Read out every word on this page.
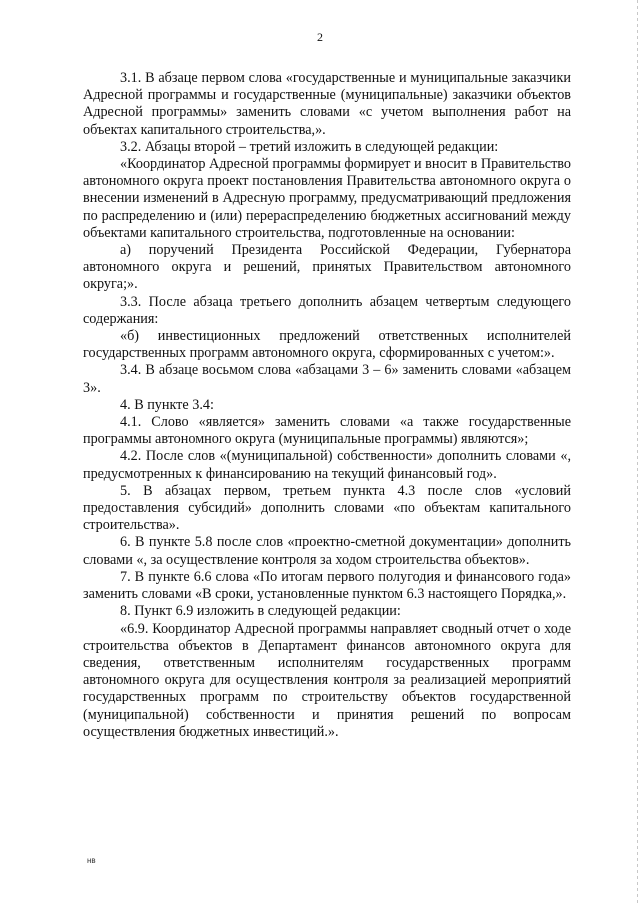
2

3.1. В абзаце первом слова «государственные и муниципальные заказчики Адресной программы и государственные (муниципальные) заказчики объектов Адресной программы» заменить словами «с учетом выполнения работ на объектах капитального строительства,».

3.2. Абзацы второй – третий изложить в следующей редакции:

«Координатор Адресной программы формирует и вносит в Правительство автономного округа проект постановления Правительства автономного округа о внесении изменений в Адресную программу, предусматривающий предложения по распределению и (или) перераспределению бюджетных ассигнований между объектами капитального строительства, подготовленные на основании:

а) поручений Президента Российской Федерации, Губернатора автономного округа и решений, принятых Правительством автономного округа;».

3.3. После абзаца третьего дополнить абзацем четвертым следующего содержания:

«б) инвестиционных предложений ответственных исполнителей государственных программ автономного округа, сформированных с учетом:».

3.4. В абзаце восьмом слова «абзацами 3 – 6» заменить словами «абзацем 3».

4. В пункте 3.4:

4.1. Слово «является» заменить словами «а также государственные программы автономного округа (муниципальные программы) являются»;

4.2. После слов «(муниципальной) собственности» дополнить словами «, предусмотренных к финансированию на текущий финансовый год».

5. В абзацах первом, третьем пункта 4.3 после слов «условий предоставления субсидий» дополнить словами «по объектам капитального строительства».

6. В пункте 5.8 после слов «проектно-сметной документации» дополнить словами «, за осуществление контроля за ходом строительства объектов».

7. В пункте 6.6 слова «По итогам первого полугодия и финансового года» заменить словами «В сроки, установленные пунктом 6.3 настоящего Порядка,».

8. Пункт 6.9 изложить в следующей редакции:

«6.9. Координатор Адресной программы направляет сводный отчет о ходе строительства объектов в Департамент финансов автономного округа для сведения, ответственным исполнителям государственных программ автономного округа для осуществления контроля за реализацией мероприятий государственных программ по строительству объектов государственной (муниципальной) собственности и принятия решений по вопросам осуществления бюджетных инвестиций.».

нв
